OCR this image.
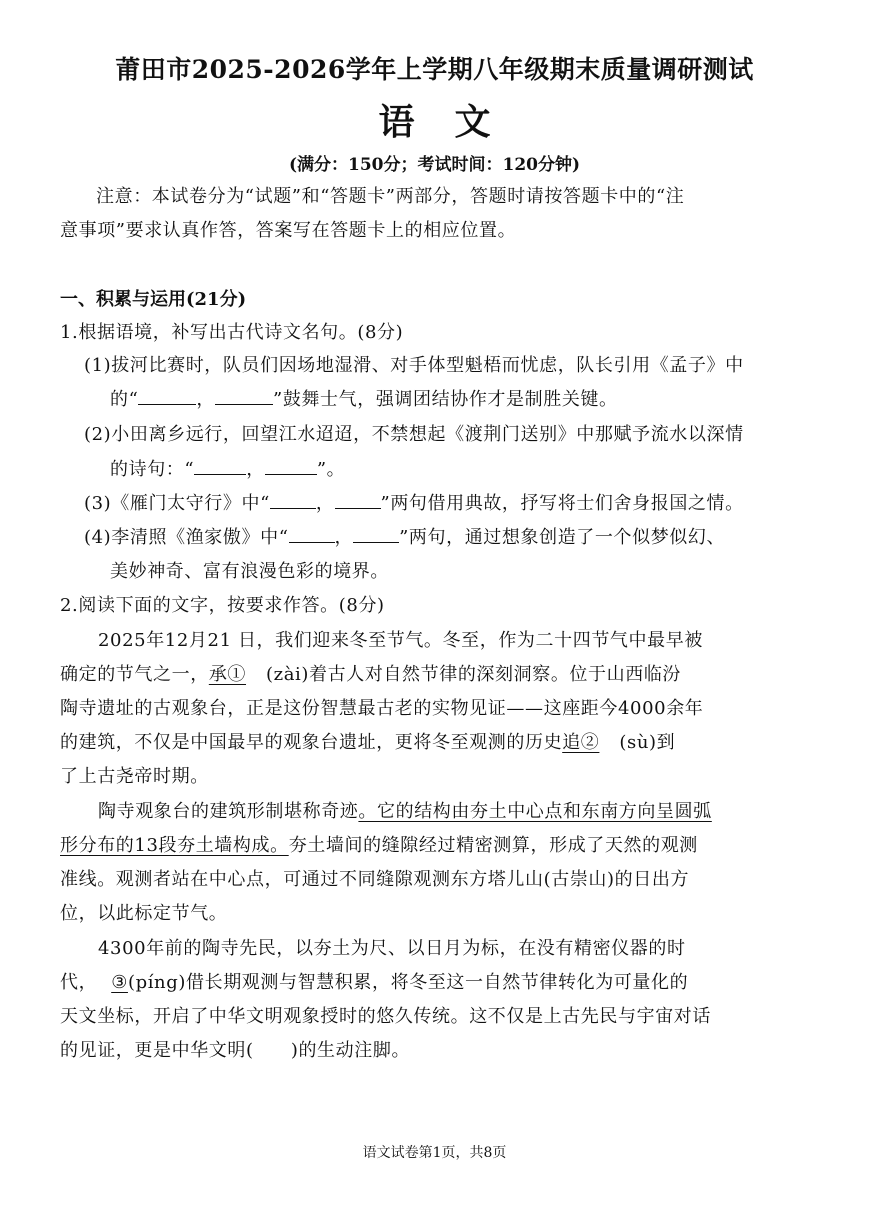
莆田市2025-2026学年上学期八年级期末质量调研测试
语文
(满分：150分；考试时间：120分钟)
注意：本试卷分为“试题”和“答题卡”两部分，答题时请按答题卡中的“注
意事项”要求认真作答，答案写在答题卡上的相应位置。
一、积累与运用(21分)
1.根据语境，补写出古代诗文名句。(8分)
(1)拔河比赛时，队员们因场地湿滑、对手体型魁梧而忧虑，队长引用《孟子》中
的“	，	”鼓舞士气，强调团结协作才是制胜关键。
(2)小田离乡远行，回望江水迢迢，不禁想起《渡荆门送别》中那赋予流水以深情
的诗句：“	，	”。
(3)《雁门太守行》中“	，	”两句借用典故，抒写将士们舍身报国之情。
(4)李清照《渔家傲》中“	，	”两句，通过想象创造了一个似梦似幻、
美妙神奇、富有浪漫色彩的境界。
2.阅读下面的文字，按要求作答。(8分)
2025年12月21 日，我们迎来冬至节气。冬至，作为二十四节气中最早被
确定的节气之一，承① (zài)着古人对自然节律的深刻洞察。位于山西临汾
陶寺遗址的古观象台，正是这份智慧最古老的实物见证——这座距今4000余年
的建筑，不仅是中国最早的观象台遗址，更将冬至观测的历史追② (sù)到
了上古尧帝时期。
陶寺观象台的建筑形制堪称奇迹。它的结构由夯土中心点和东南方向呈圆弧
形分布的13段夯土墙构成。夯土墙间的缝隙经过精密测算，形成了天然的观测
准线。观测者站在中心点，可通过不同缝隙观测东方塔儿山(古崇山)的日出方
位，以此标定节气。
4300年前的陶寺先民，以夯土为尺、以日月为标，在没有精密仪器的时
代， ③(píng)借长期观测与智慧积累，将冬至这一自然节律转化为可量化的
天文坐标，开启了中华文明观象授时的悠久传统。这不仅是上古先民与宇宙对话
的见证，更是中华文明(　　)的生动注脚。
语文试卷第1页，共8页
